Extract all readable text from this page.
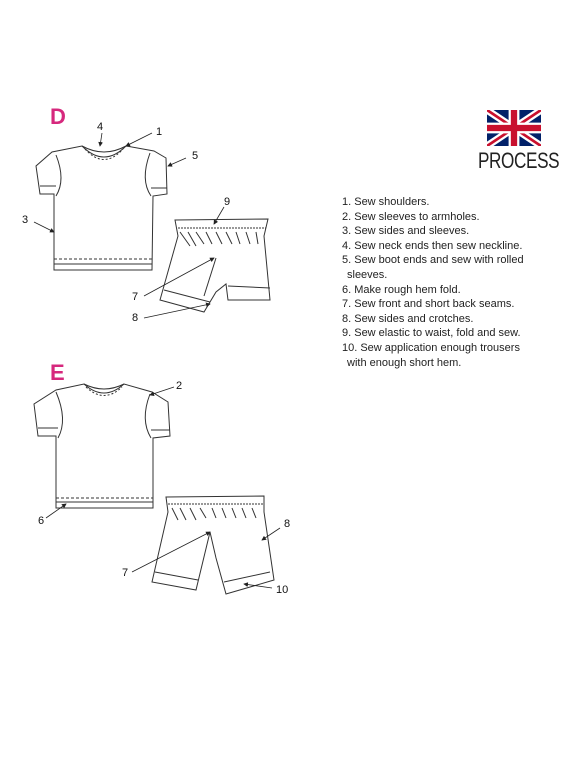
D
E
1
3
4
5
7
8
9
2
6
7
8
10
PROCESS
1. Sew shoulders.
2. Sew sleeves to armholes.
3. Sew sides and sleeves.
4. Sew neck ends then sew neckline.
5. Sew boot ends and sew with rolled
sleeves.
6. Make rough hem fold.
7. Sew front and short back seams.
8. Sew sides and crotches.
9. Sew elastic to waist, fold and sew.
10. Sew application enough trousers
with enough short hem.
